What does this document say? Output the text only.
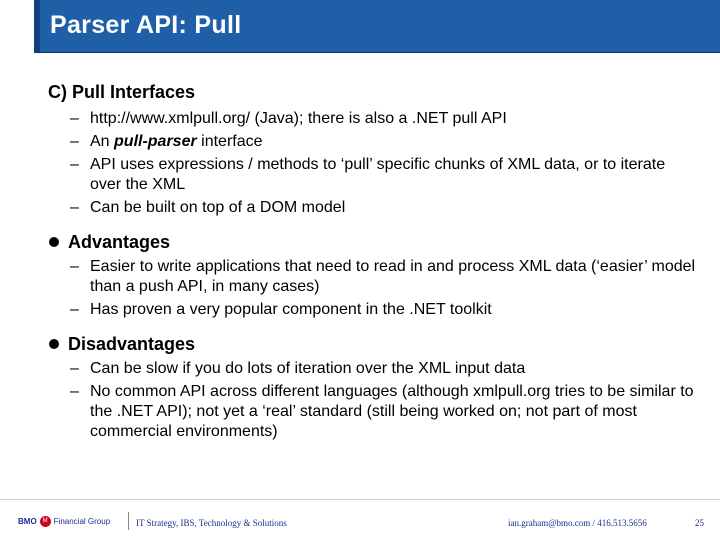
Parser API: Pull

C) Pull Interfaces

– http://www.xmlpull.org/ (Java); there is also a .NET pull API
– An pull-parser interface
– API uses expressions / methods to ‘pull’ specific chunks of XML data, or to iterate over the XML
– Can be built on top of a DOM model
Advantages
– Easier to write applications that need to read in and process XML data (‘easier’ model than a push API, in many cases)
– Has proven a very popular component in the .NET toolkit
Disadvantages
– Can be slow if you do lots of iteration over the XML input data
– No common API across different languages (although xmlpull.org tries to be similar to the .NET API); not yet a ‘real’ standard (still being worked on; not part of most commercial environments)
BMO	M Financial Group	IT Strategy, IBS, Technology & Solutions	ian.graham@bmo.com / 416.513.5656	25
